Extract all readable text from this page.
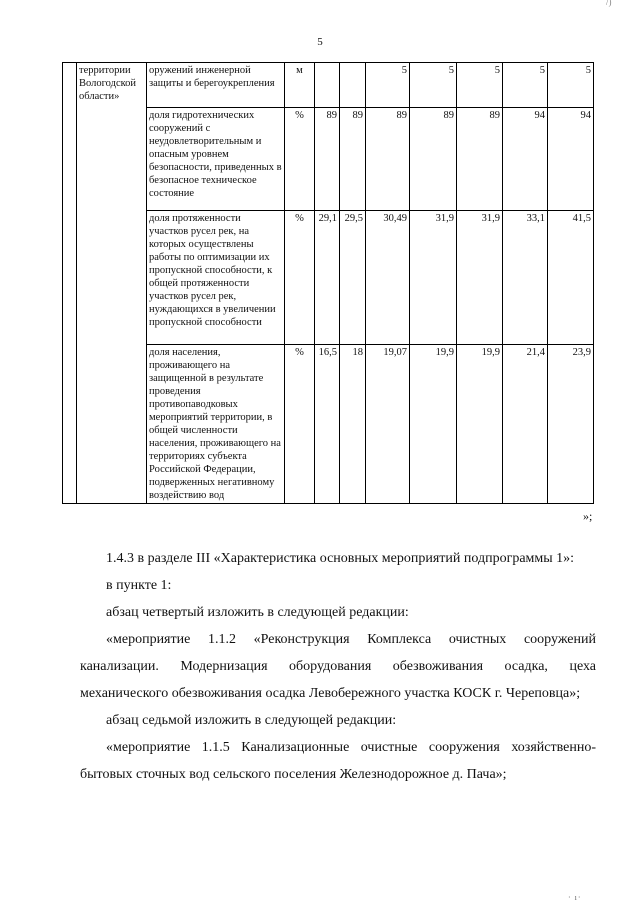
/)
5
	территории Вологодской области»	оружений инженерной защиты и берегоукрепления	м			5	5	5	5	5
		доля гидротехнических сооружений с неудовлетворительным и опасным уровнем безопасности, приведенных в безопасное техническое состояние	%	89	89	89	89	89	94	94
		доля протяженности участков русел рек, на которых осуществлены работы по оптимизации их пропускной способности, к общей протяженности участков русел рек, нуждающихся в увеличении пропускной способности	%	29,1	29,5	30,49	31,9	31,9	33,1	41,5
		доля населения, проживающего на защищенной в результате проведения противопаводковых мероприятий территории, в общей численности населения, проживающего на территориях субъекта Российской Федерации, подверженных негативному воздействию вод	%	16,5	18	19,07	19,9	19,9	21,4	23,9
»;

1.4.3 в разделе III «Характеристика основных мероприятий подпрограммы 1»:

в пункте 1:

абзац четвертый изложить в следующей редакции:

«мероприятие 1.1.2 «Реконструкция Комплекса очистных сооружений канализации. Модернизация оборудования обезвоживания осадка, цеха механического обезвоживания осадка Левобережного участка КОСК г. Череповца»;

абзац седьмой изложить в следующей редакции:

«мероприятие 1.1.5 Канализационные очистные сооружения хозяйственно-бытовых сточных вод сельского поселения Железнодорожное д. Пача»;

· ı·
